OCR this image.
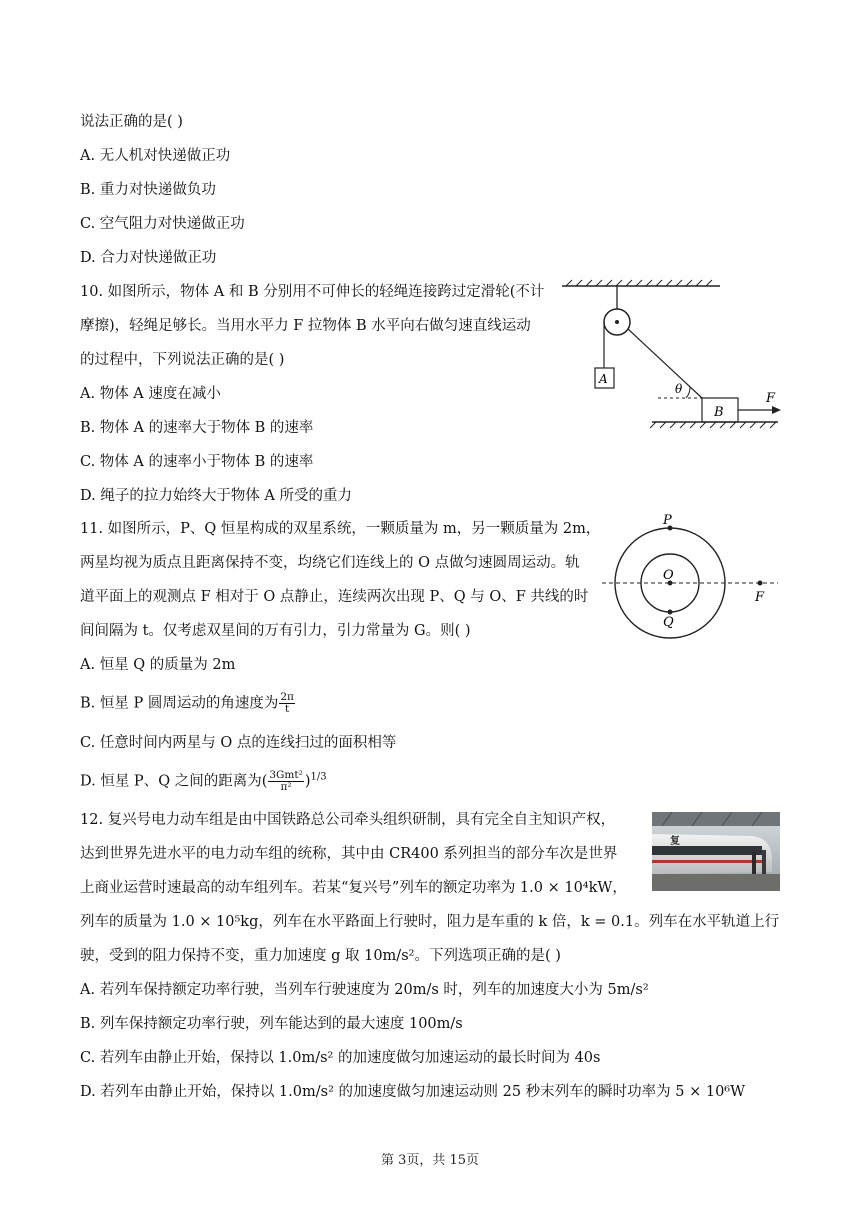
说法正确的是( )
A. 无人机对快递做正功
B. 重力对快递做负功
C. 空气阻力对快递做正功
D. 合力对快递做正功
10. 如图所示，物体 A 和 B 分别用不可伸长的轻绳连接跨过定滑轮(不计
摩擦)，轻绳足够长。当用水平力 F 拉物体 B 水平向右做匀速直线运动
的过程中，下列说法正确的是( )
A. 物体 A 速度在减小
B. 物体 A 的速率大于物体 B 的速率
C. 物体 A 的速率小于物体 B 的速率
D. 绳子的拉力始终大于物体 A 所受的重力
A
θ
B
F
11. 如图所示，P、Q 恒星构成的双星系统，一颗质量为 m，另一颗质量为 2m，
两星均视为质点且距离保持不变，均绕它们连线上的 O 点做匀速圆周运动。轨
道平面上的观测点 F 相对于 O 点静止，连续两次出现 P、Q 与 O、F 共线的时
间间隔为 t。仅考虑双星间的万有引力，引力常量为 G。则( )
A. 恒星 Q 的质量为 2m
B. 恒星 P 圆周运动的角速度为 $\frac{2\pi}{t}$
C. 任意时间内两星与 O 点的连线扫过的面积相等
D. 恒星 P、Q 之间的距离为( $\frac{\text{3Gmt²}}{\text{π²}} )^{1/3}$
P
O
Q
F
12. 复兴号电力动车组是由中国铁路总公司牵头组织研制，具有完全自主知识产权，
达到世界先进水平的电力动车组的统称，其中由 CR400 系列担当的部分车次是世界
上商业运营时速最高的动车组列车。若某“复兴号”列车的额定功率为 1.0 × 10⁴kW，
列车的质量为 1.0 × 10⁵kg，列车在水平路面上行驶时，阻力是车重的 k 倍，k = 0.1。列车在水平轨道上行
驶，受到的阻力保持不变，重力加速度 g 取 10m/s²。下列选项正确的是( )
A. 若列车保持额定功率行驶，当列车行驶速度为 20m/s 时，列车的加速度大小为 5m/s²
B. 列车保持额定功率行驶，列车能达到的最大速度 100m/s
C. 若列车由静止开始，保持以 1.0m/s² 的加速度做匀加速运动的最长时间为 40s
D. 若列车由静止开始，保持以 1.0m/s² 的加速度做匀加速运动则 25 秒末列车的瞬时功率为 5 × 10⁶W
复
第 3页，共 15页
